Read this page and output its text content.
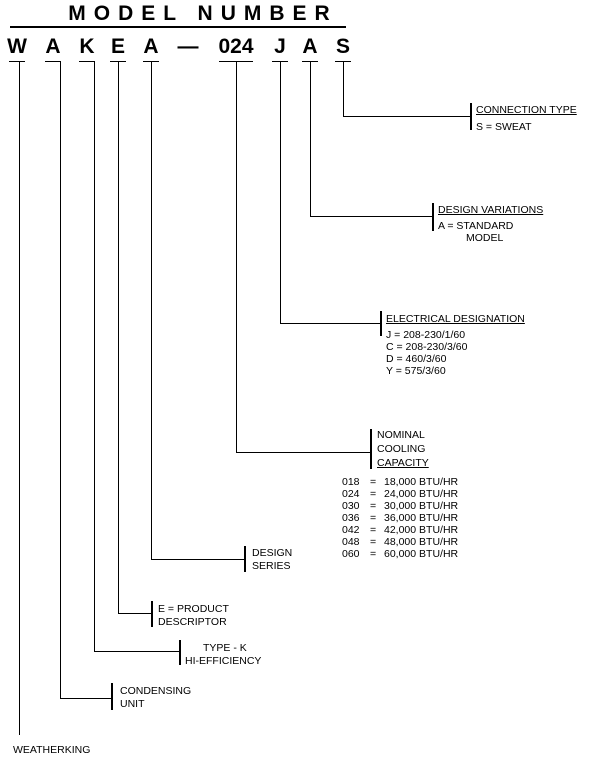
MODEL NUMBER
W A K E A — 024 J A S
CONNECTION TYPE
S = SWEAT
DESIGN VARIATIONS
A = STANDARD
MODEL
ELECTRICAL DESIGNATION
J = 208-230/1/60
C = 208-230/3/60
D = 460/3/60
Y = 575/3/60
NOMINAL
COOLING
CAPACITY
018 = 18,000 BTU/HR
024 = 24,000 BTU/HR
030 = 30,000 BTU/HR
036 = 36,000 BTU/HR
042 = 42,000 BTU/HR
048 = 48,000 BTU/HR
060 = 60,000 BTU/HR
DESIGN
SERIES
E = PRODUCT
DESCRIPTOR
TYPE - K
HI-EFFICIENCY
CONDENSING
UNIT
WEATHERKING
